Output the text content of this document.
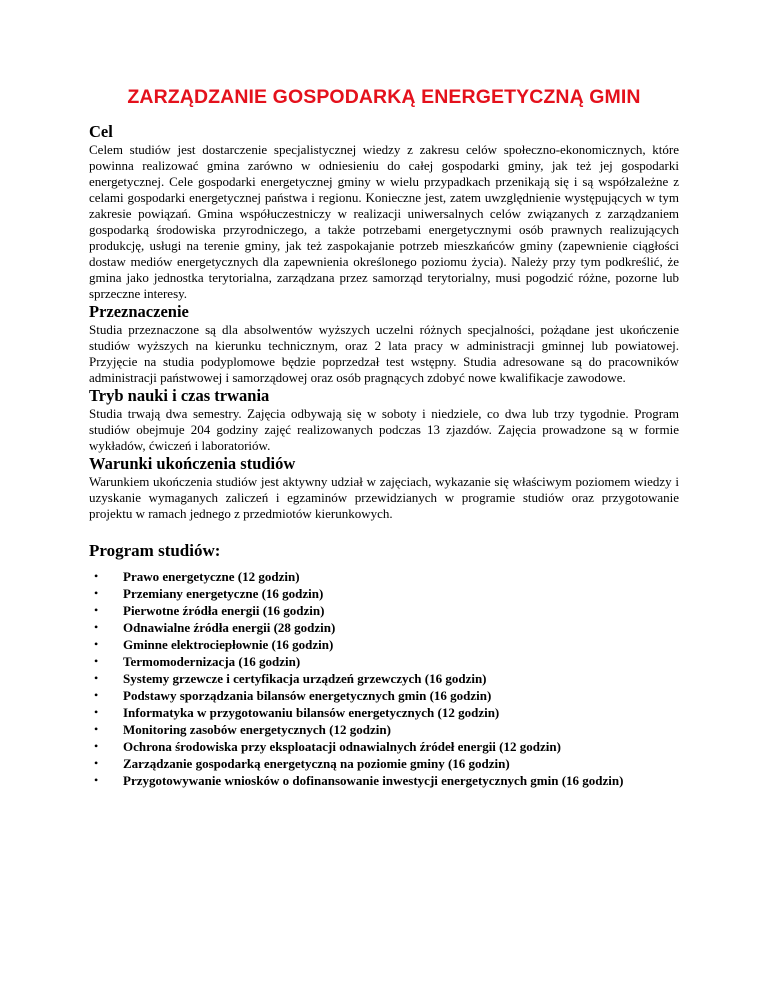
ZARZĄDZANIE GOSPODARKĄ ENERGETYCZNĄ GMIN
Cel

Celem studiów jest dostarczenie specjalistycznej wiedzy z zakresu celów społeczno-ekonomicznych, które powinna realizować gmina zarówno w odniesieniu do całej gospodarki gminy, jak też jej gospodarki energetycznej. Cele gospodarki energetycznej gminy w wielu przypadkach przenikają się i są współzależne z celami gospodarki energetycznej państwa i regionu. Konieczne jest, zatem uwzględnienie występujących w tym zakresie powiązań. Gmina współuczestniczy w realizacji uniwersalnych celów związanych z zarządzaniem gospodarką środowiska przyrodniczego, a także potrzebami energetycznymi osób prawnych realizujących produkcję, usługi na terenie gminy, jak też zaspokajanie potrzeb mieszkańców gminy (zapewnienie ciągłości dostaw mediów energetycznych dla zapewnienia określonego poziomu życia). Należy przy tym podkreślić, że gmina jako jednostka terytorialna, zarządzana przez samorząd terytorialny, musi pogodzić różne, pozorne lub sprzeczne interesy.

Przeznaczenie

Studia przeznaczone są dla absolwentów wyższych uczelni różnych specjalności, pożądane jest ukończenie studiów wyższych na kierunku technicznym, oraz 2 lata pracy w administracji gminnej lub powiatowej. Przyjęcie na studia podyplomowe będzie poprzedzał test wstępny. Studia adresowane są do pracowników administracji państwowej i samorządowej oraz osób pragnących zdobyć nowe kwalifikacje zawodowe.

Tryb nauki i czas trwania

Studia trwają dwa semestry. Zajęcia odbywają się w soboty i niedziele, co dwa lub trzy tygodnie. Program studiów obejmuje 204 godziny zajęć realizowanych podczas 13 zjazdów. Zajęcia prowadzone są w formie wykładów, ćwiczeń i laboratoriów.

Warunki ukończenia studiów

Warunkiem ukończenia studiów jest aktywny udział w zajęciach, wykazanie się właściwym poziomem wiedzy i uzyskanie wymaganych zaliczeń i egzaminów przewidzianych w programie studiów oraz przygotowanie projektu w ramach jednego z przedmiotów kierunkowych.

Program studiów:
• Prawo energetyczne (12 godzin)
• Przemiany energetyczne (16 godzin)
• Pierwotne źródła energii (16 godzin)
• Odnawialne źródła energii (28 godzin)
• Gminne elektrociepłownie (16 godzin)
• Termomodernizacja (16 godzin)
• Systemy grzewcze i certyfikacja urządzeń grzewczych (16 godzin)
• Podstawy sporządzania bilansów energetycznych gmin (16 godzin)
• Informatyka w przygotowaniu bilansów energetycznych (12 godzin)
• Monitoring zasobów energetycznych (12 godzin)
• Ochrona środowiska przy eksploatacji odnawialnych źródeł energii (12 godzin)
• Zarządzanie gospodarką energetyczną na poziomie gminy (16 godzin)
• Przygotowywanie wniosków o dofinansowanie inwestycji energetycznych gmin (16 godzin)
